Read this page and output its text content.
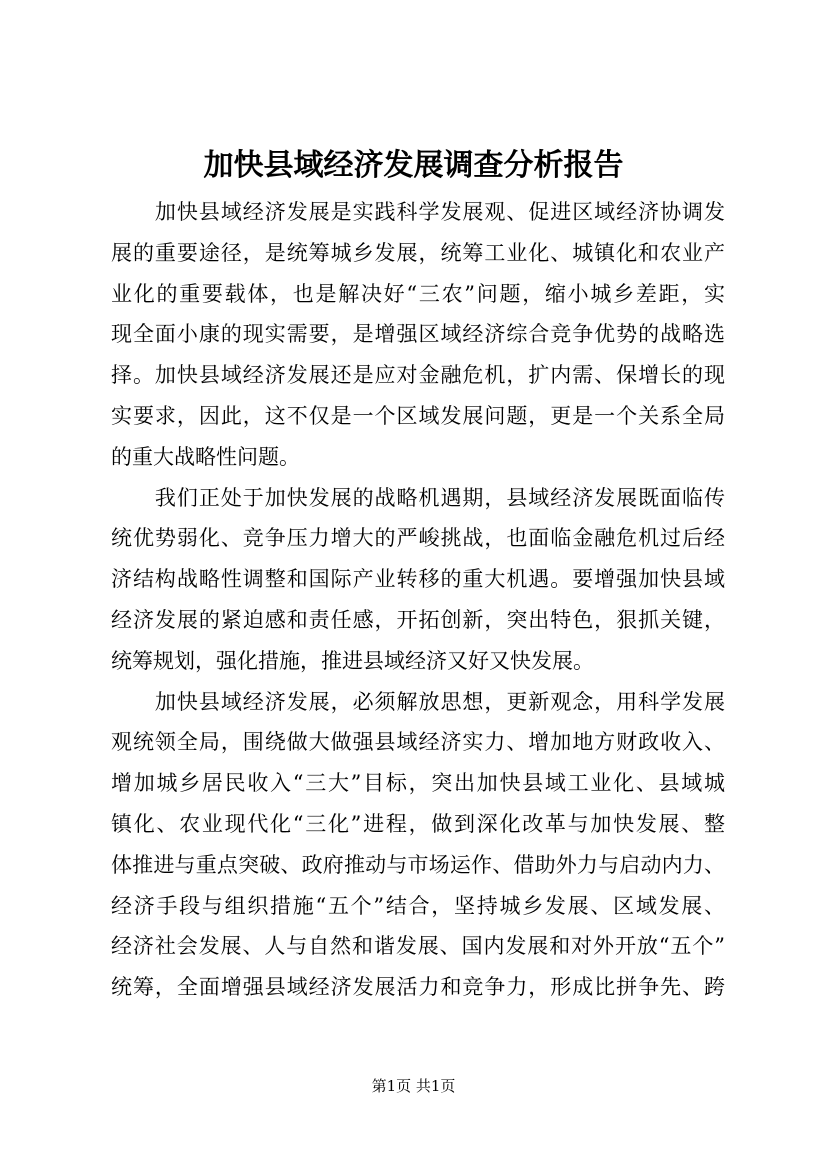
加快县域经济发展调查分析报告
　　加快县域经济发展是实践科学发展观、促进区域经济协调发
展的重要途径，是统筹城乡发展，统筹工业化、城镇化和农业产
业化的重要载体，也是解决好“三农”问题，缩小城乡差距，实
现全面小康的现实需要，是增强区域经济综合竞争优势的战略选
择。加快县域经济发展还是应对金融危机，扩内需、保增长的现
实要求，因此，这不仅是一个区域发展问题，更是一个关系全局
的重大战略性问题。
　　我们正处于加快发展的战略机遇期，县域经济发展既面临传
统优势弱化、竞争压力增大的严峻挑战，也面临金融危机过后经
济结构战略性调整和国际产业转移的重大机遇。要增强加快县域
经济发展的紧迫感和责任感，开拓创新，突出特色，狠抓关键，
统筹规划，强化措施，推进县域经济又好又快发展。
　　加快县域经济发展，必须解放思想，更新观念，用科学发展
观统领全局，围绕做大做强县域经济实力、增加地方财政收入、
增加城乡居民收入“三大”目标，突出加快县域工业化、县域城
镇化、农业现代化“三化”进程，做到深化改革与加快发展、整
体推进与重点突破、政府推动与市场运作、借助外力与启动内力、
经济手段与组织措施“五个”结合，坚持城乡发展、区域发展、
经济社会发展、人与自然和谐发展、国内发展和对外开放“五个”
统筹，全面增强县域经济发展活力和竞争力，形成比拼争先、跨
第1页 共1页
